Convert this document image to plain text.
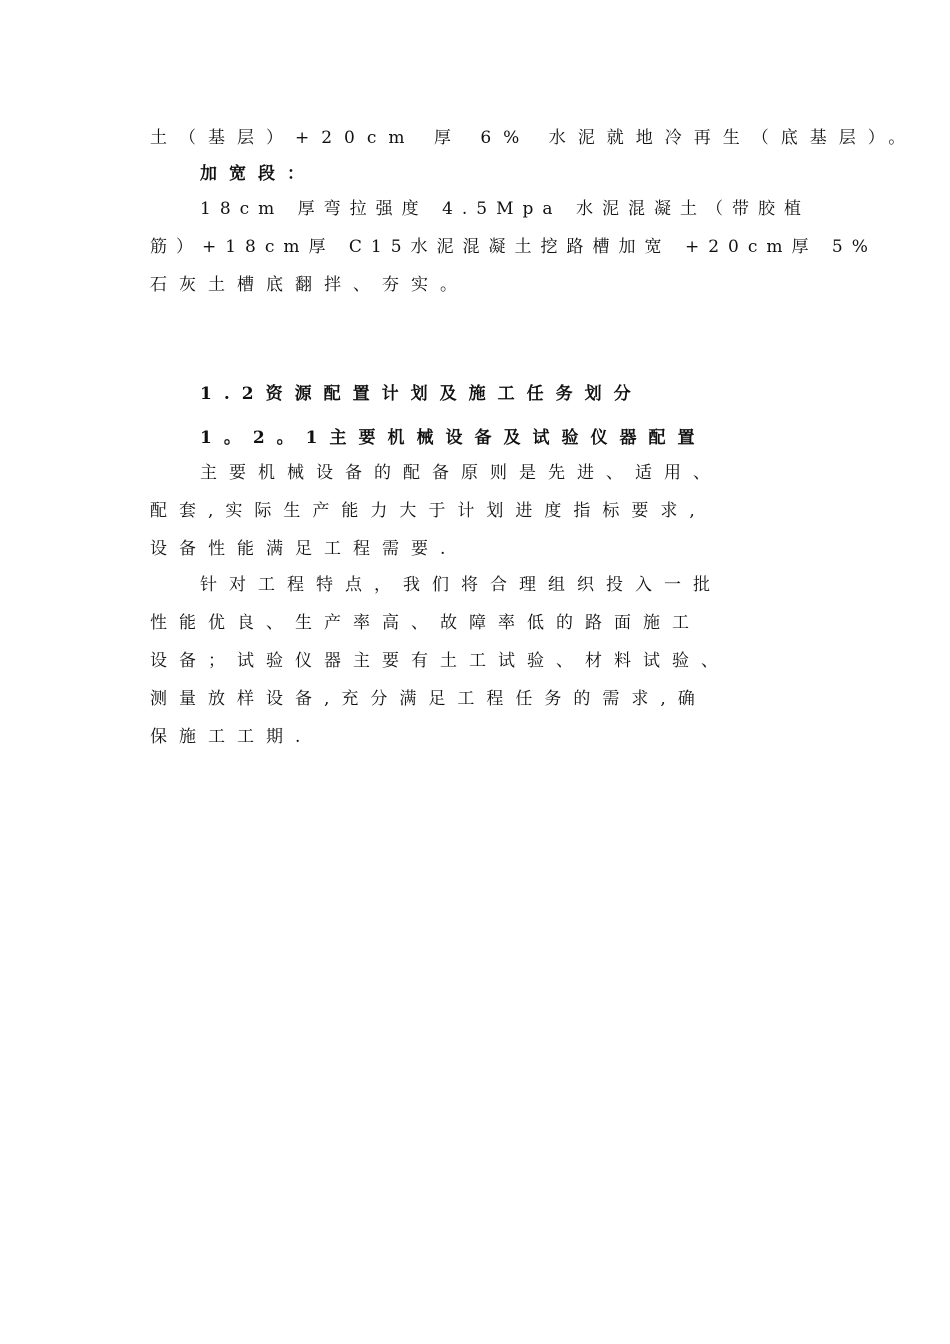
土（基层）+20cm 厚 6% 水泥就地冷再生（底基层）。
加宽段：
18cm 厚弯拉强度 4.5Mpa 水泥混凝土（带胶植
筋）+18cm厚 C15水泥混凝土挖路槽加宽 +20cm厚 5%
石灰土槽底翻拌、夯实。
1.2资源配置计划及施工任务划分
1。2。1主要机械设备及试验仪器配置
主要机械设备的配备原则是先进、适用、
配套,实际生产能力大于计划进度指标要求,
设备性能满足工程需要.
针对工程特点，我们将合理组织投入一批
性能优良、生产率高、故障率低的路面施工
设备；试验仪器主要有土工试验、材料试验、
测量放样设备,充分满足工程任务的需求,确
保施工工期.
